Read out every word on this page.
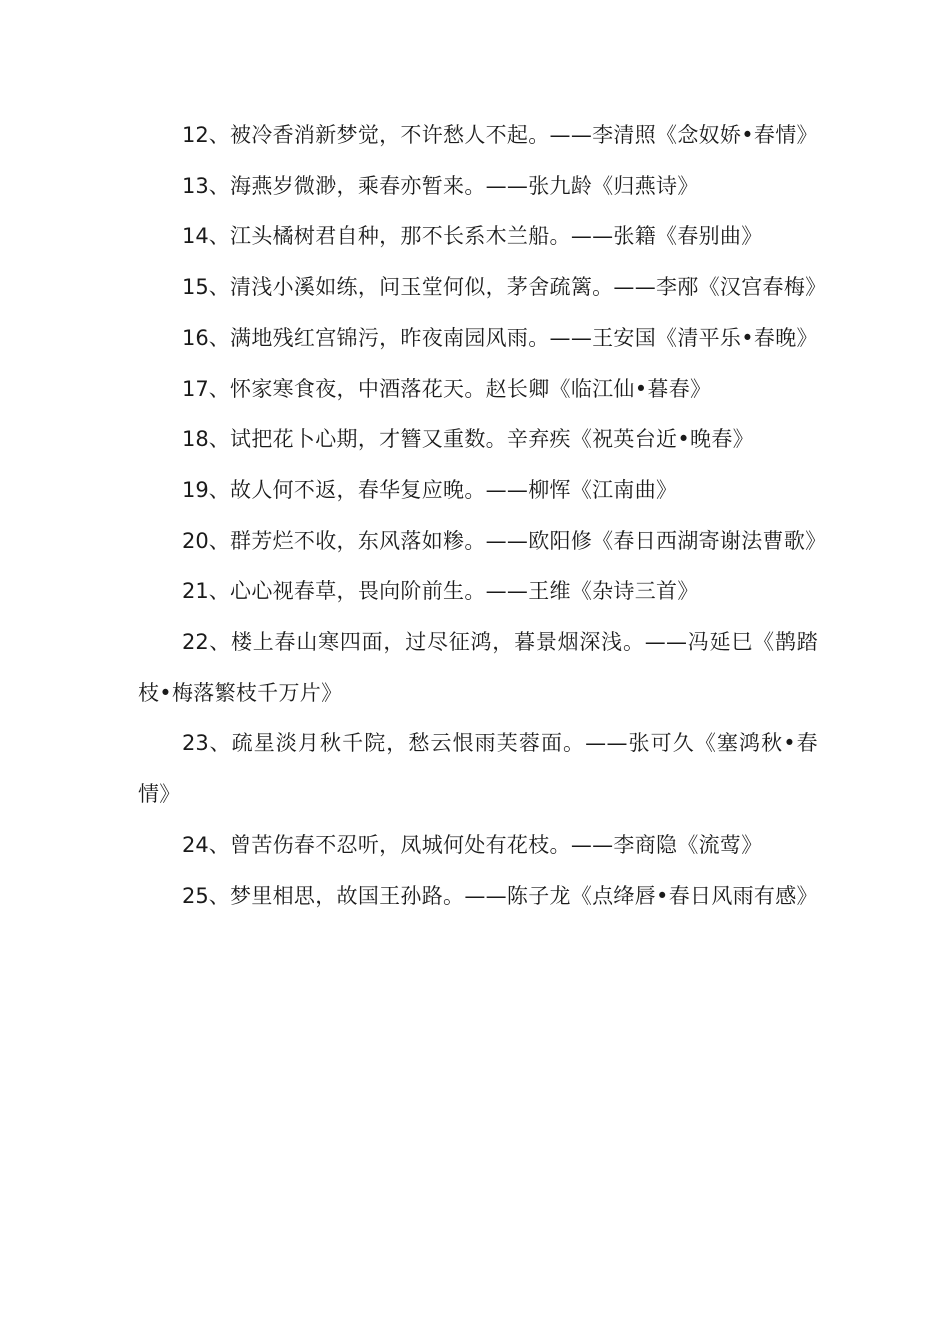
12、被冷香消新梦觉，不许愁人不起。——李清照《念奴娇•春情》

13、海燕岁微渺，乘春亦暂来。——张九龄《归燕诗》

14、江头橘树君自种，那不长系木兰船。——张籍《春别曲》

15、清浅小溪如练，问玉堂何似，茅舍疏篱。——李邴《汉宫春梅》

16、满地残红宫锦污，昨夜南园风雨。——王安国《清平乐•春晚》

17、怀家寒食夜，中酒落花天。赵长卿《临江仙•暮春》

18、试把花卜心期，才簪又重数。辛弃疾《祝英台近•晚春》

19、故人何不返，春华复应晚。——柳恽《江南曲》

20、群芳烂不收，东风落如糁。——欧阳修《春日西湖寄谢法曹歌》

21、心心视春草，畏向阶前生。——王维《杂诗三首》

22、楼上春山寒四面，过尽征鸿，暮景烟深浅。——冯延巳《鹊踏枝•梅落繁枝千万片》

23、疏星淡月秋千院，愁云恨雨芙蓉面。——张可久《塞鸿秋•春情》

24、曾苦伤春不忍听，凤城何处有花枝。——李商隐《流莺》

25、梦里相思，故国王孙路。——陈子龙《点绛唇•春日风雨有感》
